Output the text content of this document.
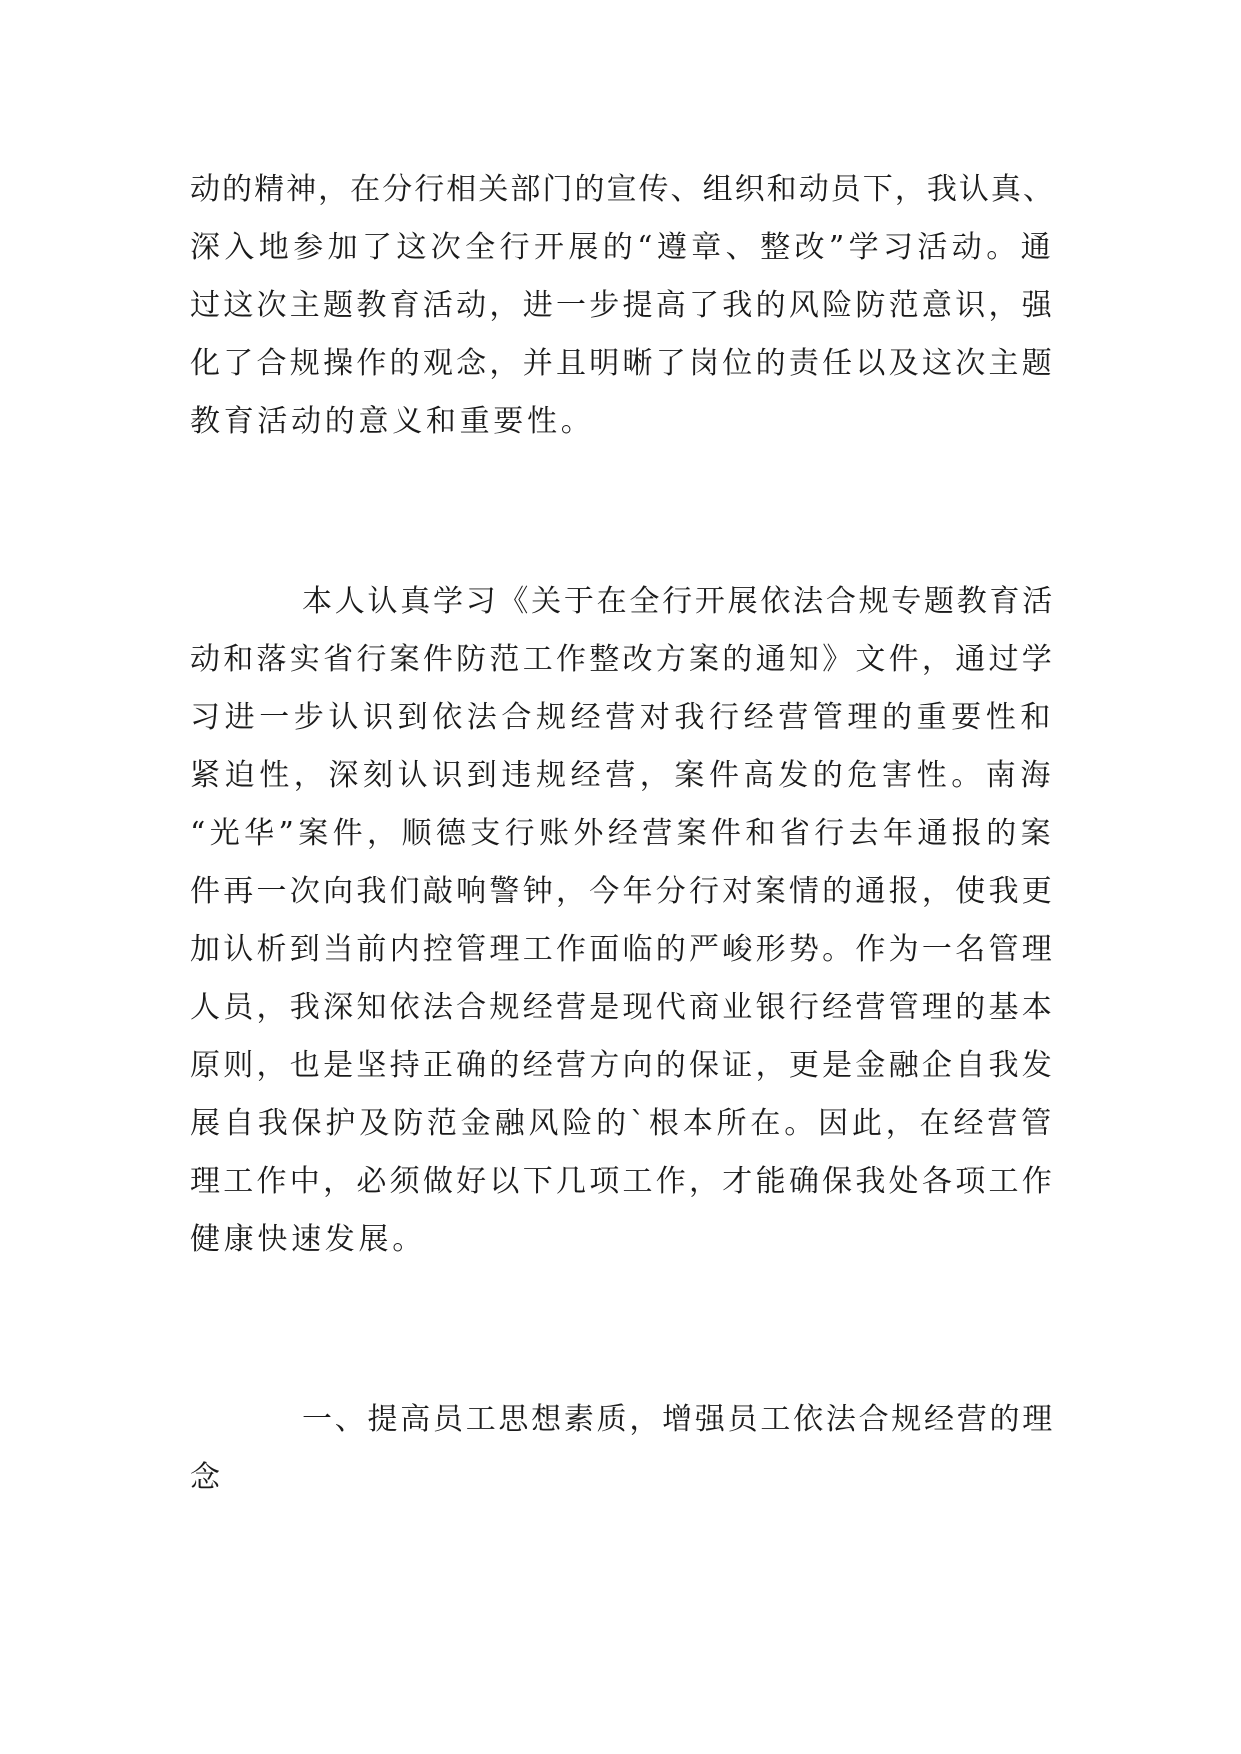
动的精神，在分行相关部门的宣传、组织和动员下，我认真、
深入地参加了这次全行开展的“遵章、整改”学习活动。通
过这次主题教育活动，进一步提高了我的风险防范意识，强
化了合规操作的观念，并且明晰了岗位的责任以及这次主题
教育活动的意义和重要性。

本人认真学习《关于在全行开展依法合规专题教育活
动和落实省行案件防范工作整改方案的通知》文件，通过学
习进一步认识到依法合规经营对我行经营管理的重要性和
紧迫性，深刻认识到违规经营，案件高发的危害性。南海
“光华”案件，顺德支行账外经营案件和省行去年通报的案
件再一次向我们敲响警钟，今年分行对案情的通报，使我更
加认析到当前内控管理工作面临的严峻形势。作为一名管理
人员，我深知依法合规经营是现代商业银行经营管理的基本
原则，也是坚持正确的经营方向的保证，更是金融企自我发
展自我保护及防范金融风险的`根本所在。因此，在经营管
理工作中，必须做好以下几项工作，才能确保我处各项工作
健康快速发展。

一、提高员工思想素质，增强员工依法合规经营的理
念
